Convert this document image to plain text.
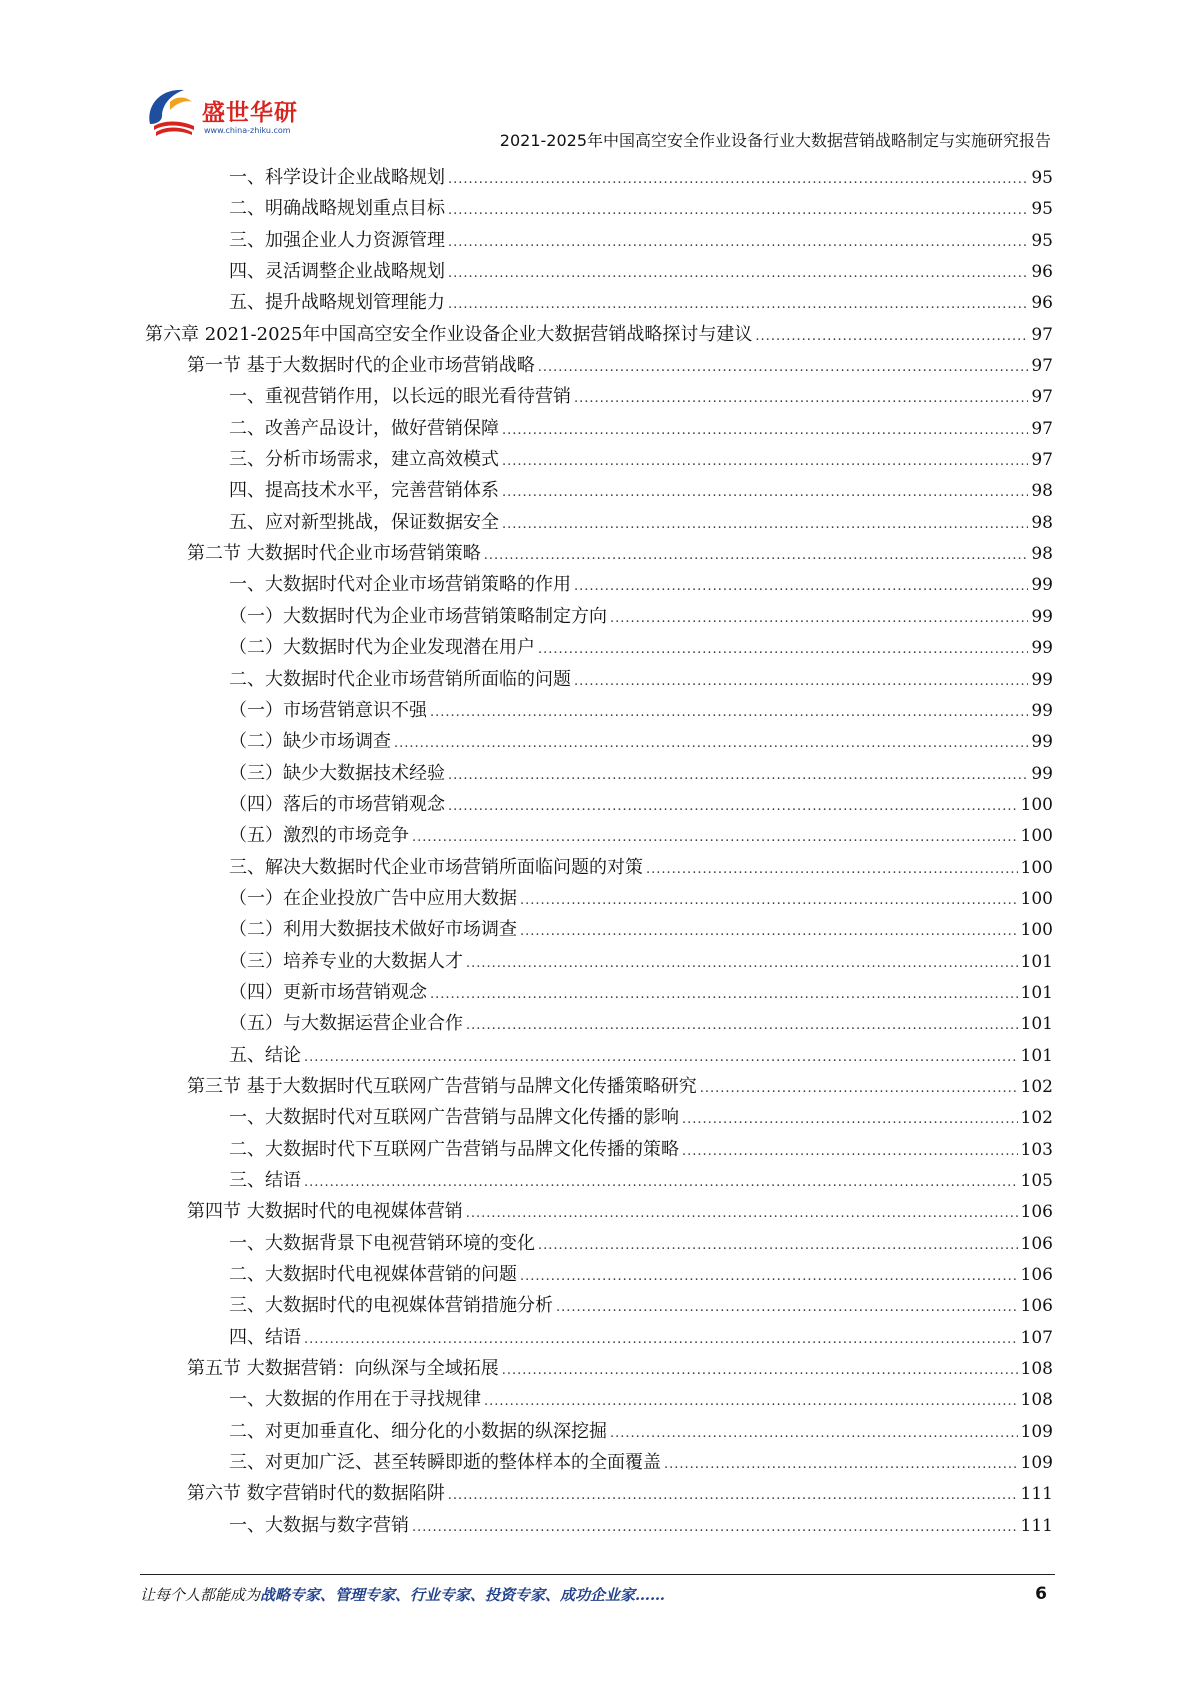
盛世华研
www.china-zhiku.com
2021-2025年中国高空安全作业设备行业大数据营销战略制定与实施研究报告
一、科学设计企业战略规划 .....	95
二、明确战略规划重点目标 .....	95
三、加强企业人力资源管理 .....	95
四、灵活调整企业战略规划 .....	96
五、提升战略规划管理能力 .....	96
第六章 2021-2025年中国高空安全作业设备企业大数据营销战略探讨与建议 .....	97
第一节 基于大数据时代的企业市场营销战略 .....	97
一、重视营销作用，以长远的眼光看待营销 .....	97
二、改善产品设计，做好营销保障 .....	97
三、分析市场需求，建立高效模式 .....	97
四、提高技术水平，完善营销体系 .....	98
五、应对新型挑战，保证数据安全 .....	98
第二节 大数据时代企业市场营销策略 .....	98
一、大数据时代对企业市场营销策略的作用 .....	99
（一）大数据时代为企业市场营销策略制定方向 .....	99
（二）大数据时代为企业发现潜在用户 .....	99
二、大数据时代企业市场营销所面临的问题 .....	99
（一）市场营销意识不强 .....	99
（二）缺少市场调查 .....	99
（三）缺少大数据技术经验 .....	99
（四）落后的市场营销观念 .....	100
（五）激烈的市场竞争 .....	100
三、解决大数据时代企业市场营销所面临问题的对策 .....	100
（一）在企业投放广告中应用大数据 .....	100
（二）利用大数据技术做好市场调查 .....	100
（三）培养专业的大数据人才 .....	101
（四）更新市场营销观念 .....	101
（五）与大数据运营企业合作 .....	101
五、结论 .....	101
第三节 基于大数据时代互联网广告营销与品牌文化传播策略研究 .....	102
一、大数据时代对互联网广告营销与品牌文化传播的影响 .....	102
二、大数据时代下互联网广告营销与品牌文化传播的策略 .....	103
三、结语 .....	105
第四节 大数据时代的电视媒体营销 .....	106
一、大数据背景下电视营销环境的变化 .....	106
二、大数据时代电视媒体营销的问题 .....	106
三、大数据时代的电视媒体营销措施分析 .....	106
四、结语 .....	107
第五节 大数据营销：向纵深与全域拓展 .....	108
一、大数据的作用在于寻找规律 .....	108
二、对更加垂直化、细分化的小数据的纵深挖掘 .....	109
三、对更加广泛、甚至转瞬即逝的整体样本的全面覆盖 .....	109
第六节 数字营销时代的数据陷阱 .....	111
一、大数据与数字营销 .....	111
让每个人都能成为战略专家、管理专家、行业专家、投资专家、成功企业家……	6
